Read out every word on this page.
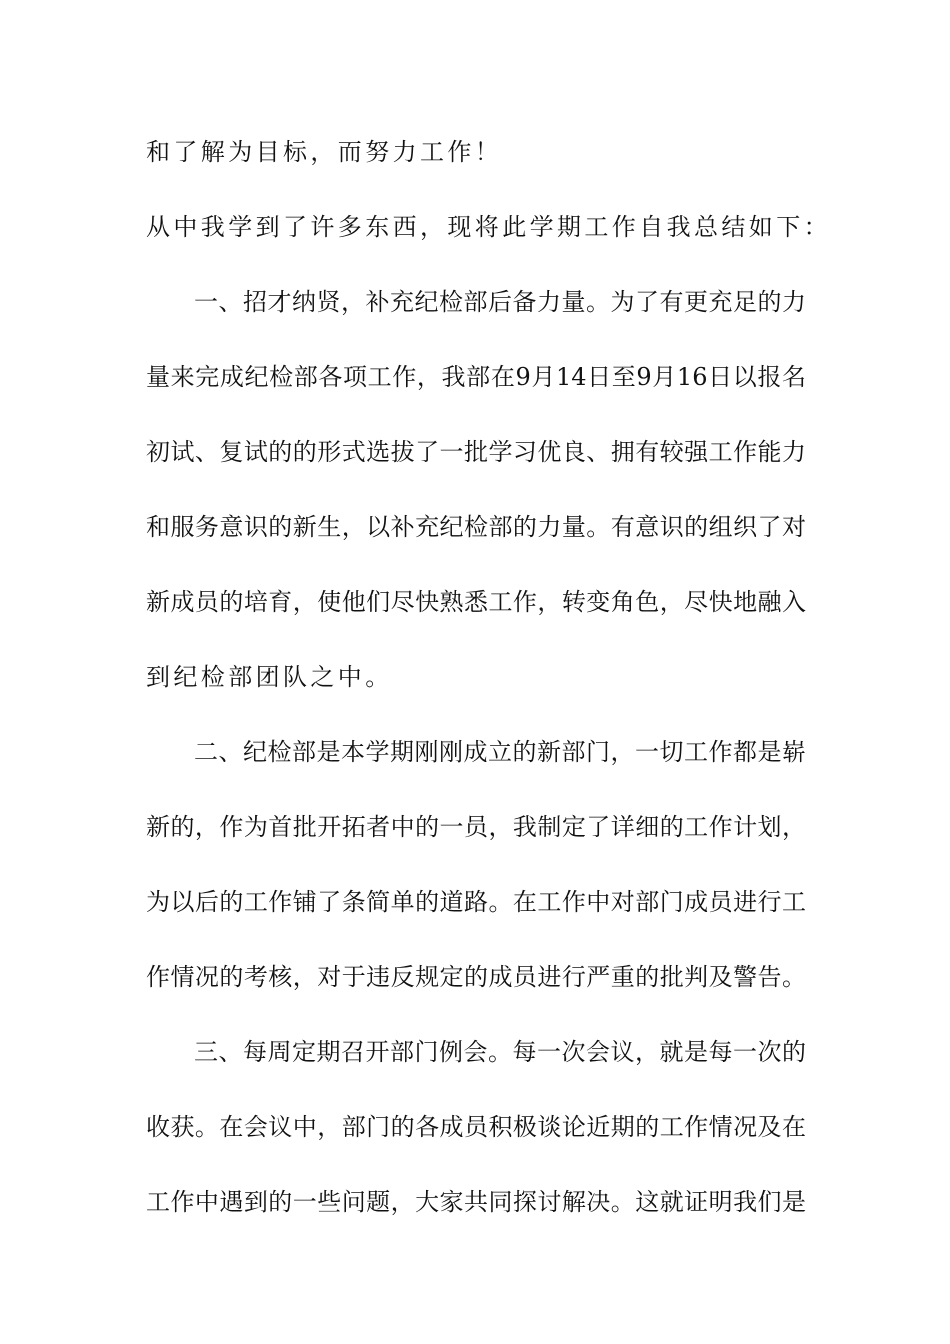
和了解为目标，而努力工作！
从中我学到了许多东西，现将此学期工作自我总结如下：
一、招才纳贤，补充纪检部后备力量。为了有更充足的力
量来完成纪检部各项工作，我部在9月14日至9月16日以报名
初试、复试的的形式选拔了一批学习优良、拥有较强工作能力
和服务意识的新生，以补充纪检部的力量。有意识的组织了对
新成员的培育，使他们尽快熟悉工作，转变角色，尽快地融入
到纪检部团队之中。
二、纪检部是本学期刚刚成立的新部门，一切工作都是崭
新的，作为首批开拓者中的一员，我制定了详细的工作计划，
为以后的工作铺了条简单的道路。在工作中对部门成员进行工
作情况的考核，对于违反规定的成员进行严重的批判及警告。
三、每周定期召开部门例会。每一次会议，就是每一次的
收获。在会议中，部门的各成员积极谈论近期的工作情况及在
工作中遇到的一些问题，大家共同探讨解决。这就证明我们是
